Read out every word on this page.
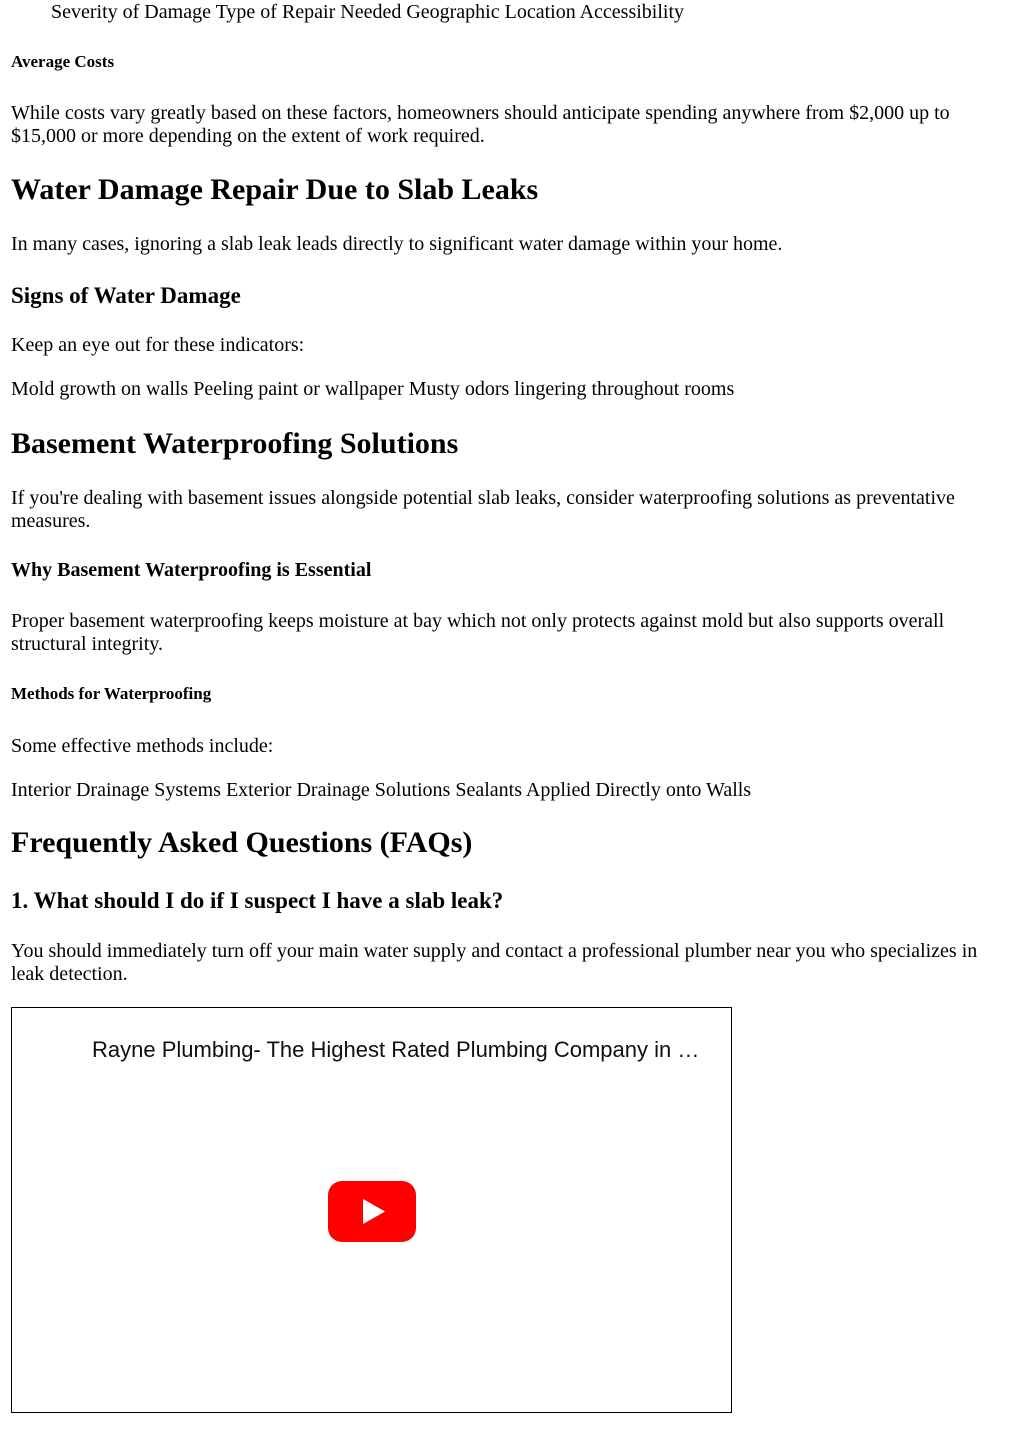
Severity of Damage Type of Repair Needed Geographic Location Accessibility
Average Costs

While costs vary greatly based on these factors, homeowners should anticipate spending anywhere from $2,000 up to $15,000 or more depending on the extent of work required.

Water Damage Repair Due to Slab Leaks

In many cases, ignoring a slab leak leads directly to significant water damage within your home.

Signs of Water Damage

Keep an eye out for these indicators:

Mold growth on walls Peeling paint or wallpaper Musty odors lingering throughout rooms

Basement Waterproofing Solutions

If you're dealing with basement issues alongside potential slab leaks, consider waterproofing solutions as preventative measures.

Why Basement Waterproofing is Essential

Proper basement waterproofing keeps moisture at bay which not only protects against mold but also supports overall structural integrity.

Methods for Waterproofing

Some effective methods include:

Interior Drainage Systems Exterior Drainage Solutions Sealants Applied Directly onto Walls

Frequently Asked Questions (FAQs)
1. What should I do if I suspect I have a slab leak?

You should immediately turn off your main water supply and contact a professional plumber near you who specializes in leak detection.

Rayne Plumbing- The Highest Rated Plumbing Company in …
